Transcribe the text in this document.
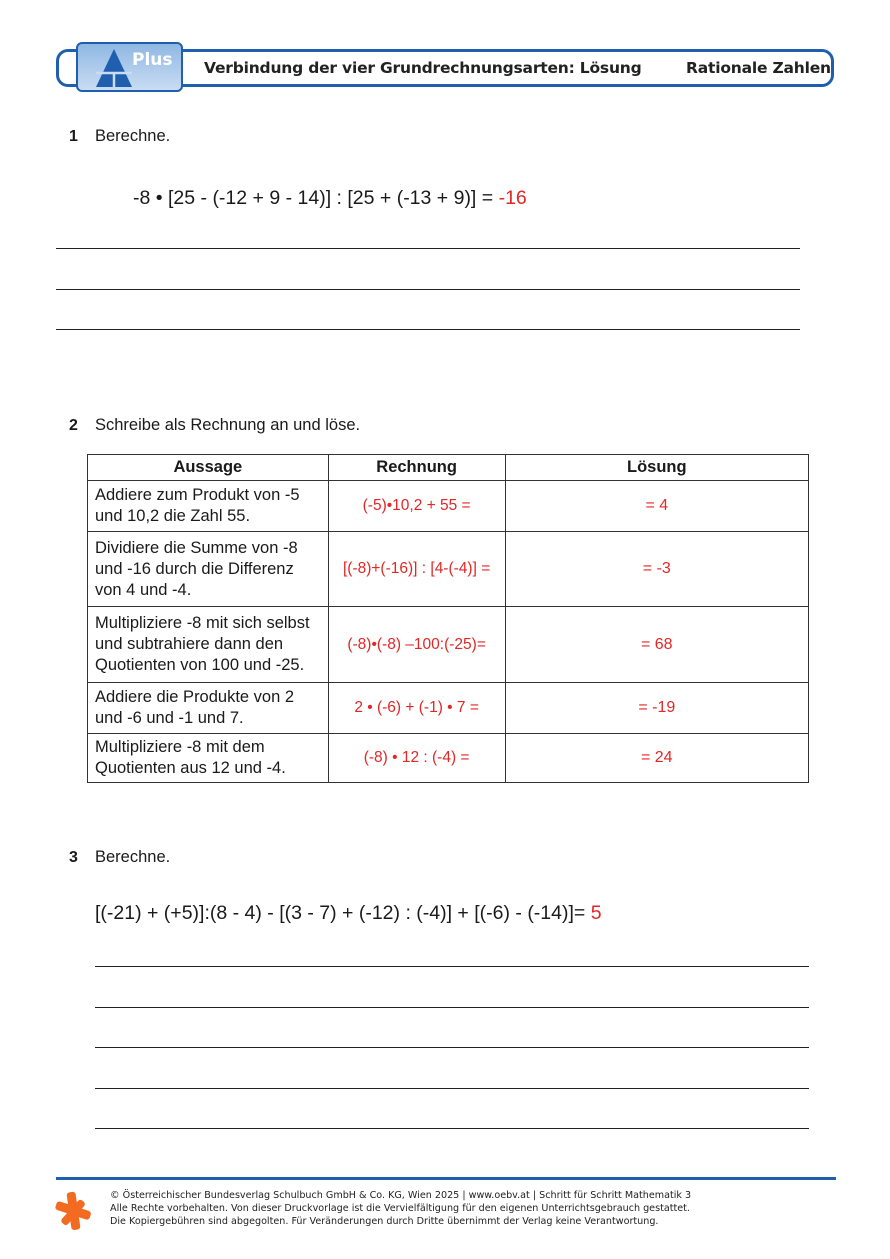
Plus Verbindung der vier Grundrechnungsarten: Lösung	Rationale Zahlen
1 Berechne.
-8 • [25 - (-12 + 9 - 14)] : [25 + (-13 + 9)] = -16
2 Schreibe als Rechnung an und löse.
Aussage	Rechnung	Lösung
Addiere zum Produkt von -5
und 10,2 die Zahl 55.	(-5)•10,2 + 55 =	= 4
Dividiere die Summe von -8
und -16 durch die Differenz
von 4 und -4.	[(-8)+(-16)] : [4-(-4)] =	= -3
Multipliziere -8 mit sich selbst
und subtrahiere dann den
Quotienten von 100 und -25.	(-8)•(-8) –100:(-25)=	= 68
Addiere die Produkte von 2
und -6 und -1 und 7.	2 • (-6) + (-1) • 7 =	= -19
Multipliziere -8 mit dem
Quotienten aus 12 und -4.	(-8) • 12 : (-4) =	= 24
3 Berechne.
[(-21) + (+5)]:(8 - 4) - [(3 - 7) + (-12) : (-4)] + [(-6) - (-14)]= 5
© Österreichischer Bundesverlag Schulbuch GmbH & Co. KG, Wien 2025 | www.oebv.at | Schritt für Schritt Mathematik 3
Alle Rechte vorbehalten. Von dieser Druckvorlage ist die Vervielfältigung für den eigenen Unterrichtsgebrauch gestattet.
Die Kopiergebühren sind abgegolten. Für Veränderungen durch Dritte übernimmt der Verlag keine Verantwortung.
